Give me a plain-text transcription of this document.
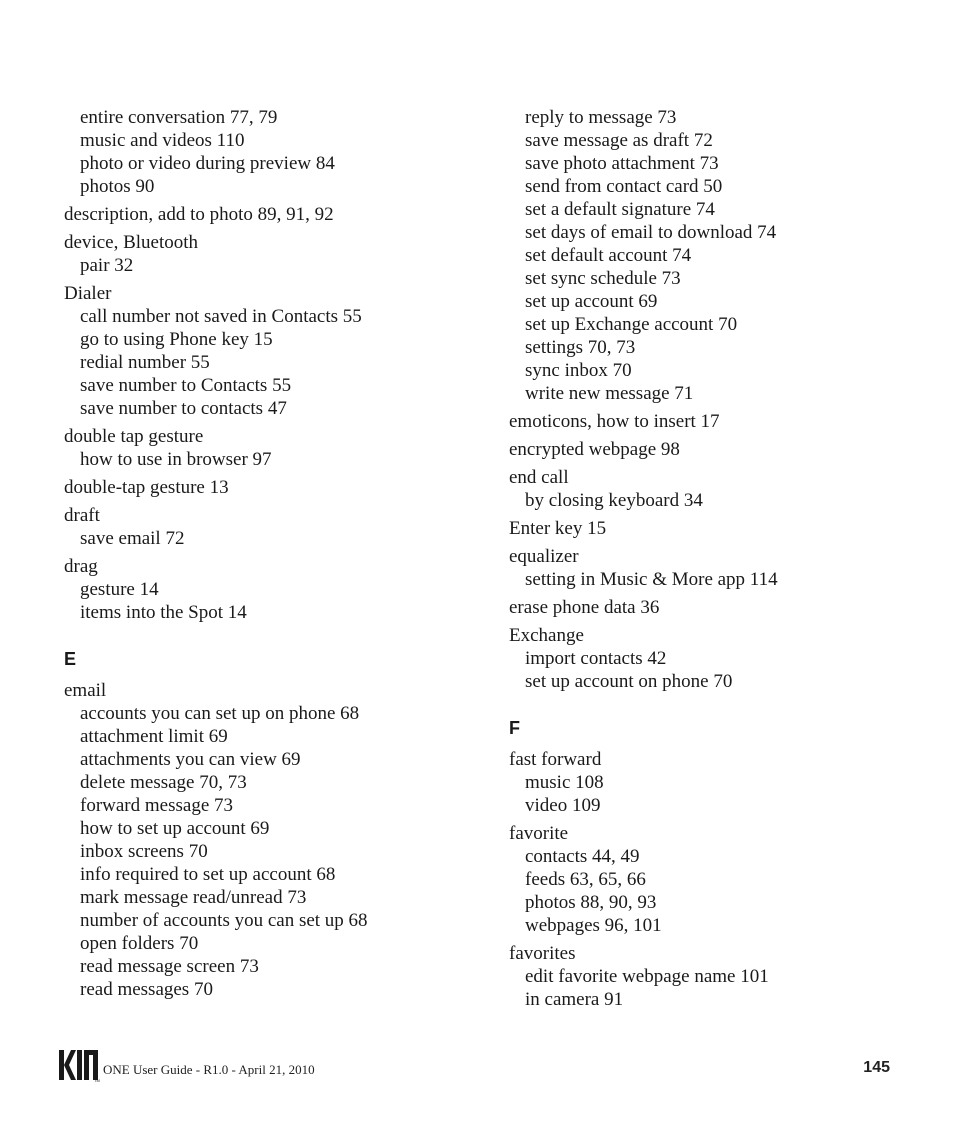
entire conversation 77, 79
music and videos 110
photo or video during preview 84
photos 90
description, add to photo 89, 91, 92
device, Bluetooth
pair 32
Dialer
call number not saved in Contacts 55
go to using Phone key 15
redial number 55
save number to Contacts 55
save number to contacts 47
double tap gesture
how to use in browser 97
double-tap gesture 13
draft
save email 72
drag
gesture 14
items into the Spot 14
E
email
accounts you can set up on phone 68
attachment limit 69
attachments you can view 69
delete message 70, 73
forward message 73
how to set up account 69
inbox screens 70
info required to set up account 68
mark message read/unread 73
number of accounts you can set up 68
open folders 70
read message screen 73
read messages 70
reply to message 73
save message as draft 72
save photo attachment 73
send from contact card 50
set a default signature 74
set days of email to download 74
set default account 74
set sync schedule 73
set up account 69
set up Exchange account 70
settings 70, 73
sync inbox 70
write new message 71
emoticons, how to insert 17
encrypted webpage 98
end call
by closing keyboard 34
Enter key 15
equalizer
setting in Music & More app 114
erase phone data 36
Exchange
import contacts 42
set up account on phone 70
F
fast forward
music 108
video 109
favorite
contacts 44, 49
feeds 63, 65, 66
photos 88, 90, 93
webpages 96, 101
favorites
edit favorite webpage name 101
in camera 91
TM
ONE User Guide - R1.0 - April 21, 2010	145
